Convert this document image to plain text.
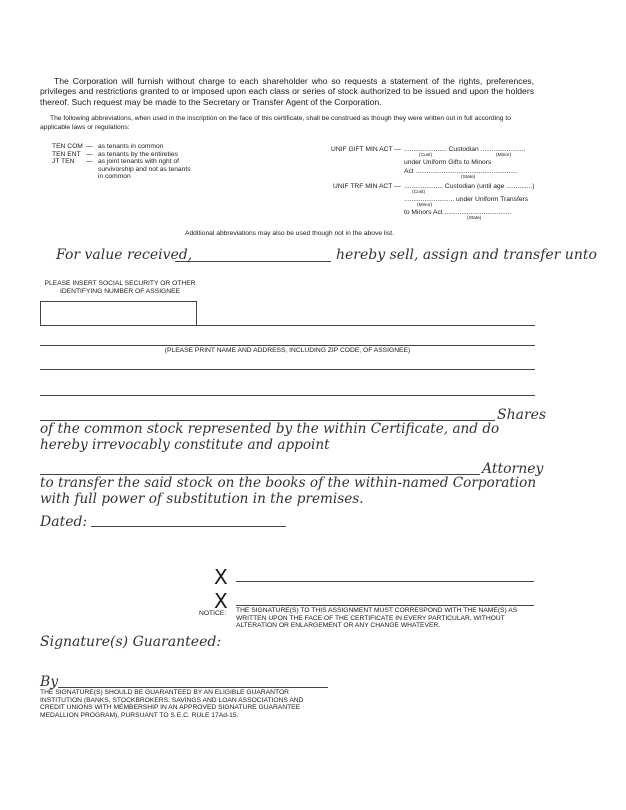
The Corporation will furnish without charge to each shareholder who so requests a statement of the rights, preferences, privileges and restrictions granted to or imposed upon each class or series of stock authorized to be issued and upon the holders thereof. Such request may be made to the Secretary or Transfer Agent of the Corporation.
The following abbreviations, when used in the inscription on the face of this certificate, shall be construed as though they were written out in full according to applicable laws or regulations:
TEN COM — as tenants in common
TEN ENT — as tenants by the entireties
JT TEN	— as joint tenants with right of
survivorship and not as tenants
in common
UNIF GIFT MIN ACT — ....................... Custodian ........................
(Cust)	(Minor)
under Uniform Gifts to Minors
Act .......................................................
(State)
UNIF TRF MIN ACT — ..................... Custodian (until age ..............)
(Cust)
........................... under Uniform Transfers
(Minor)
to Minors Act ....................................
(State)
Additional abbreviations may also be used though not in the above list.
For value received,	hereby sell, assign and transfer unto
PLEASE INSERT SOCIAL SECURITY OR OTHER IDENTIFYING NUMBER OF ASSIGNEE
(PLEASE PRINT NAME AND ADDRESS, INCLUDING ZIP CODE, OF ASSIGNEE)
Shares
of the common stock represented by the within Certificate, and do hereby irrevocably constitute and appoint
Attorney
to transfer the said stock on the books of the within-named Corporation with full power of substitution in the premises.
Dated:
X
X
NOTICE: THE SIGNATURE(S) TO THIS ASSIGNMENT MUST CORRESPOND WITH THE NAME(S) AS WRITTEN UPON THE FACE OF THE CERTIFICATE IN EVERY PARTICULAR, WITHOUT ALTERATION OR ENLARGEMENT OR ANY CHANGE WHATEVER.
Signature(s) Guaranteed:
By
THE SIGNATURE(S) SHOULD BE GUARANTEED BY AN ELIGIBLE GUARANTOR INSTITUTION (BANKS, STOCKBROKERS, SAVINGS AND LOAN ASSOCIATIONS AND CREDIT UNIONS WITH MEMBERSHIP IN AN APPROVED SIGNATURE GUARANTEE MEDALLION PROGRAM), PURSUANT TO S.E.C. RULE 17Ad-15.
